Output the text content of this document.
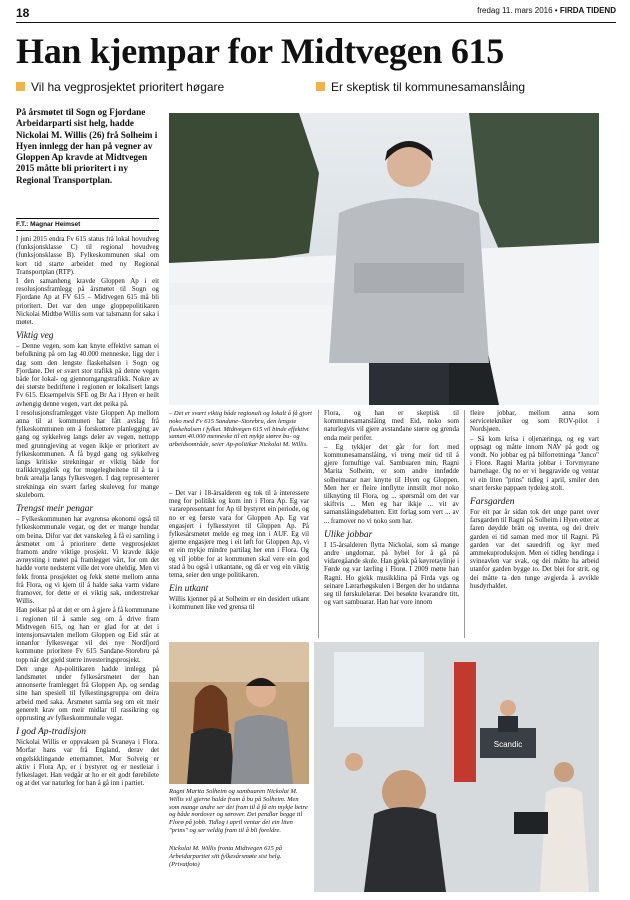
18	fredag 11. mars 2016 • FIRDA TIDEND
Han kjempar for Midtvegen 615
Vil ha vegprosjektet prioritert høgare	Er skeptisk til kommunesamanslåing
På årsmøtet til Sogn og Fjordane Arbeidarparti sist helg, hadde Nickolai M. Willis (26) frå Solheim i Hyen innlegg der han på vegner av Gloppen Ap kravde at Midtvegen 2015 måtte bli prioritert i ny Regional Transportplan.
F.T.: Magnar Heimset

I juni 2015 endra Fv 615 status frå lokal hovudveg (funksjonsklasse C) til regional hovudveg (funksjonsklasse B). Fylkeskommunen skal om kort tid starte arbeidet med ny Regional Transportplan (RTP).

I den samanheng kravde Gloppen Ap i eit resolusjonsframlegg på årsmøtet til Sogn og Fjordane Ap at FV 615 – Midtvegen 615 må bli prioritert. Det var den unge gloppepolitikaren Nickolai Midtbø Willis som var talsmann for saka i møtet.

Viktig veg

– Denne vegen, som kan knyte effektivt saman ei befolkning på om lag 40.000 menneske, ligg der i dag som den lengste flaskehalsen i Sogn og Fjordane. Det er svært stor trafikk på denne vegen både for lokal- og gjennomgangstrafikk. Nokre av dei største bedriftene i regionen er lokalisert langs Fv 615. Eksempelvis SFE og Br Aa i Hyen er heilt avhengig denne vegen, vart det peika på.

I resolusjonsframlegget viste Gloppen Ap mellom anna til at kommunen har fått avslag frå fylkeskommunen om å forskottere planlegging av gang og sykkelveg langs deler av vegen, nettopp med grunngjeving at vegen ikkje er prioritert av fylkeskommunen. Å få bygd gang og sykkelveg langs kritiske strekningar er viktig både for trafikktryggleik og for mogelegheitene til å ta i bruk arealja langs fylkesvegen. I dag representerer strekninga ein svært farleg skuleveg for mange skuleborn.

Trengst meir pengar

– Fylkeskommunen har avgrensa økonomi også til fylkeskommunale vegar, og det er mange hundar om beina. Difor var det vanskeleg å få ei samling i årsmøtet om å prioritere dette vegprosjektet framom andre viktige prosjekt. Vi kravde ikkje avrøysting i møtet på framlegget vårt, for om det hadde vorte nedstemt ville det vore uheldig. Men vi fekk fronta prosjektet og fekk støtte mellom anna frå Flora, og vi kjem til å halde saka varm vidare framover, for dette er ei viktig sak, understrekar Willis.

Han peikar på at det er om å gjere å få kommunane i regionen til å samle seg om å drive fram Midtvegen 615, og han er glad for at det i intensjonsavtalen mellom Gloppen og Eid står at innanfor fylkesvegar vil dei nye Nordfjord kommune prioritere Fv 615 Sandane-Storebru på topp når det gjeld større investeringsprosjekt.

Den unge Ap-politikaren hadde innlegg på landsmøtet under fylkesårsmøtet der han annonserte framlegget frå Gloppen Ap, og sendag sitte han spesiell til fylkestingsgruppa om deira arbeid med saka. Årsmøtet samla seg om eit meir generelt krav om meir midlar til rassikring og opprusting av fylkeskommunale vegar.

I god Ap-tradisjon

Nickolai Willis er oppvaksen på Svanøya i Flora. Morfar hans var frå England, derav det engelskklingande etternamnet. Mor Solveig er aktiv i Flora Ap, er i bystyret og er nestleiar i fylkeslaget. Han vedgår at ho er eit godt førebilete og at det var naturleg for han å gå inn i partiet.

– Det er svært viktig både regionalt og lokalt å få gjort noko med Fv 615 Sandane–Storebru, den lengste flaskehalsen i fylket. Midtvegen 615 vil binde effektivt saman 40.000 menneske til eit mykje større bu- og arbeidsområde, seier Ap-politikar Nickolai M. Willis.

– Det var i 18-årsalderen eg tok til å interessere meg for politikk og kom inn i Flora Ap. Eg var vararepresentant for Ap til bystyret ein periode, og no er eg første vara for Gloppen Ap. Eg var engasjert i fylkesstyret til Gloppen Ap. På fylkesårsmøtet melde eg meg inn i AUF. Eg vil gjerne engasjere meg i eit løft for Gloppen Ap, vi er ein mykje mindre partilag her enn i Flora. Og eg vil jobbe for at kommunen skal vere ein god stad å bu også i utkantane, og då er veg ein viktig tema, seier den unge politikaren.

Ein utkant

Willis kjenner på at Solheim er ein desidert utkant i kommunen like ved grensa til

Flora, og han er skeptisk til kommunesamanslåing med Eid, noko som naturlegvis vil gjere avstandane større og grenda enda meir perifer.

– Eg tykkjer det går for fort med kommunesamanslåing, vi treng meir tid til å gjere fornuftige val. Sambuaren min, Ragni Marita Solheim, er som andre innfødde solheimarar nær knytte til Hyen og Gloppen. Men her er fleire innflytte innstilt mot noko tilknyting til Flora, og ... spørsmål om det var skiftvis ... Men eg har ikkje ... vit av samanslåingsdebatten. Eitt forlag som vert ... av ... framover no vi noko som har.

Ulike jobbar

I 15-årsalderen flytta Nickolai, som så mange andre ungdomar, på hybel for å gå på vidaregåande skule. Han gjekk på køyretaylinje i Førde og var lærling i Florø. I 2009 møtte han Ragni. Ho gjekk musikklina på Firda vgs og seinare Lærarhøgskulen i Bergen der ho utdanna seg til førskulelærar. Dei besøkte kvarandre titt, og vart sambuarar. Han har vore innom

fleire jobbar, mellom anna som servicetekniker og som ROV-pilot i Nordsjøen.

– Så kom krisa i oljenæringa, og eg vart oppsagt og måtte innom NAV på godt og vondt. No jobbar eg på bilforretninga "Janco" i Florø. Ragni Marita jobbar i Torvmyrane barnehage. Og no er vi heggravide og ventar vi ein liten "prins" tidleg i april, smiler den snart ferske pappaen tydeleg stolt.

Farsgarden

For eit par år sidan tok det unge paret over farsgarden til Ragni på Solheim i Hyen etter at faren døydde brått og uventa, og dei dreiv garden ei tid saman med mor til Ragni. På garden var det sauedrift og kyr med ammekuproduksjon. Men ei tidleg hendinga i svineavlen var svak, og dei måtte ha arbeid utanfor garden bygge to. Det blei for strit, og dei måtte ta den tunge avgjerda å avvikle husdyrhaldet.

Ragni Marita Solheim og sambuaren Nickolai M. Willis vil gjerne halde fram å bu på Solheim. Men som mange andre ser dei fram til å få ein mykje betre og både nordover og sørover. Dei pendlar begge til Florø på jobb. Tidleg i april ventar dei ein liten "prins" og ser veldig fram til å bli foreldre.
Nickolai M. Willis fronta Midtvegen 615 på Arbeidarpartiet sitt fylkesårsmøte sist helg. (Privatfoto)
Scandic
